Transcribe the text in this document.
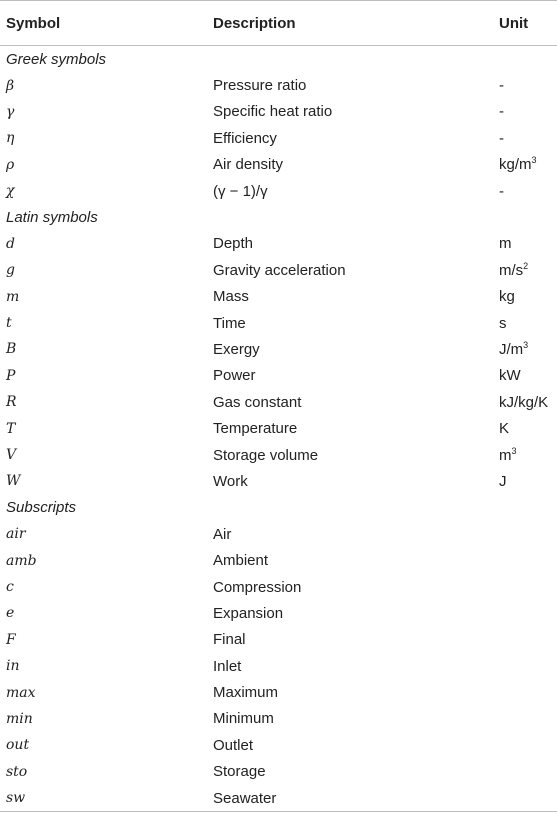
Symbol	Description	Unit
Greek symbols		
β	Pressure ratio	-
γ	Specific heat ratio	-
η	Efficiency	-
ρ	Air density	$kg/m^3$
χ	(γ − 1)/γ	-
Latin symbols		
d	Depth	m
g	Gravity acceleration	$m/s^2$
m	Mass	kg
t	Time	s
B	Exergy	$J/m^3$
P	Power	kW
R	Gas constant	kJ/kg/K
T	Temperature	K
V	Storage volume	$m^3$
W	Work	J
Subscripts		
air	Air	
amb	Ambient	
c	Compression	
e	Expansion	
F	Final	
in	Inlet	
max	Maximum	
min	Minimum	
out	Outlet	
sto	Storage	
sw	Seawater	
